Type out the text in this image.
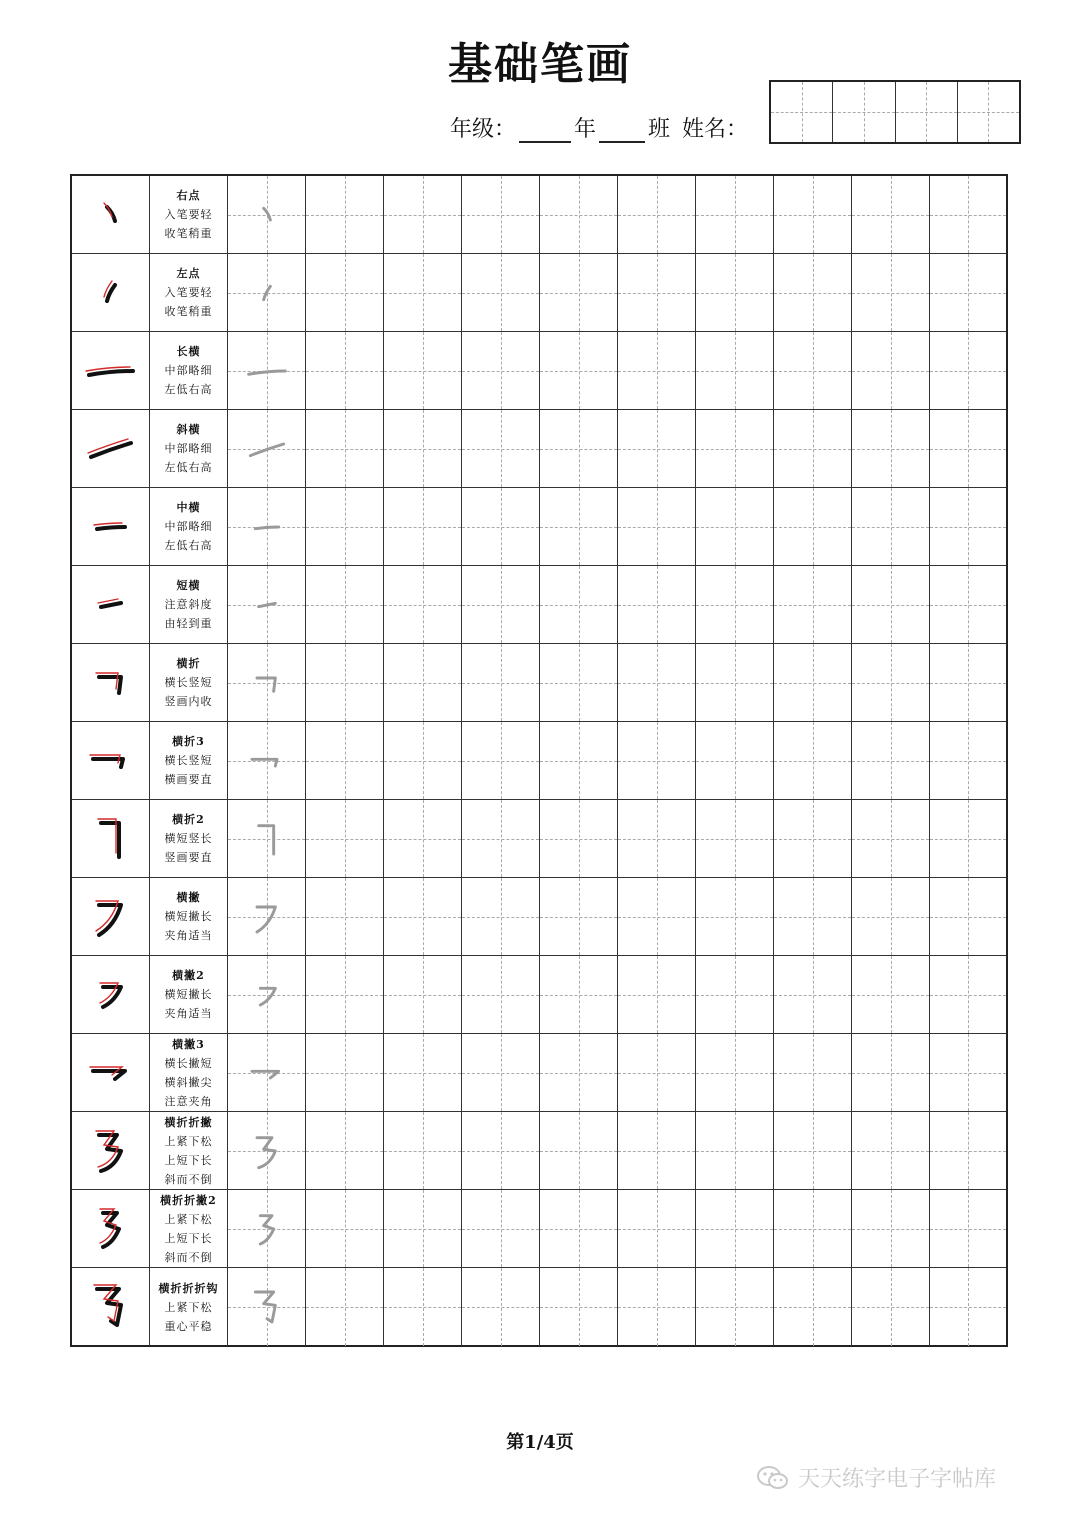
基础笔画
年级：	年 班 姓名：
右点
入笔要轻
收笔稍重
左点
入笔要轻
收笔稍重
长横
中部略细
左低右高
斜横
中部略细
左低右高
中横
中部略细
左低右高
短横
注意斜度
由轻到重
横折
横长竖短
竖画内收
横折3
横长竖短
横画要直
横折2
横短竖长
竖画要直
横撇
横短撇长
夹角适当
横撇2
横短撇长
夹角适当
横撇3
横长撇短
横斜撇尖
注意夹角
横折折撇
上紧下松
上短下长
斜而不倒
横折折撇2
上紧下松
上短下长
斜而不倒
横折折折钩
上紧下松
重心平稳
第1/4页
天天练字电子字帖库
